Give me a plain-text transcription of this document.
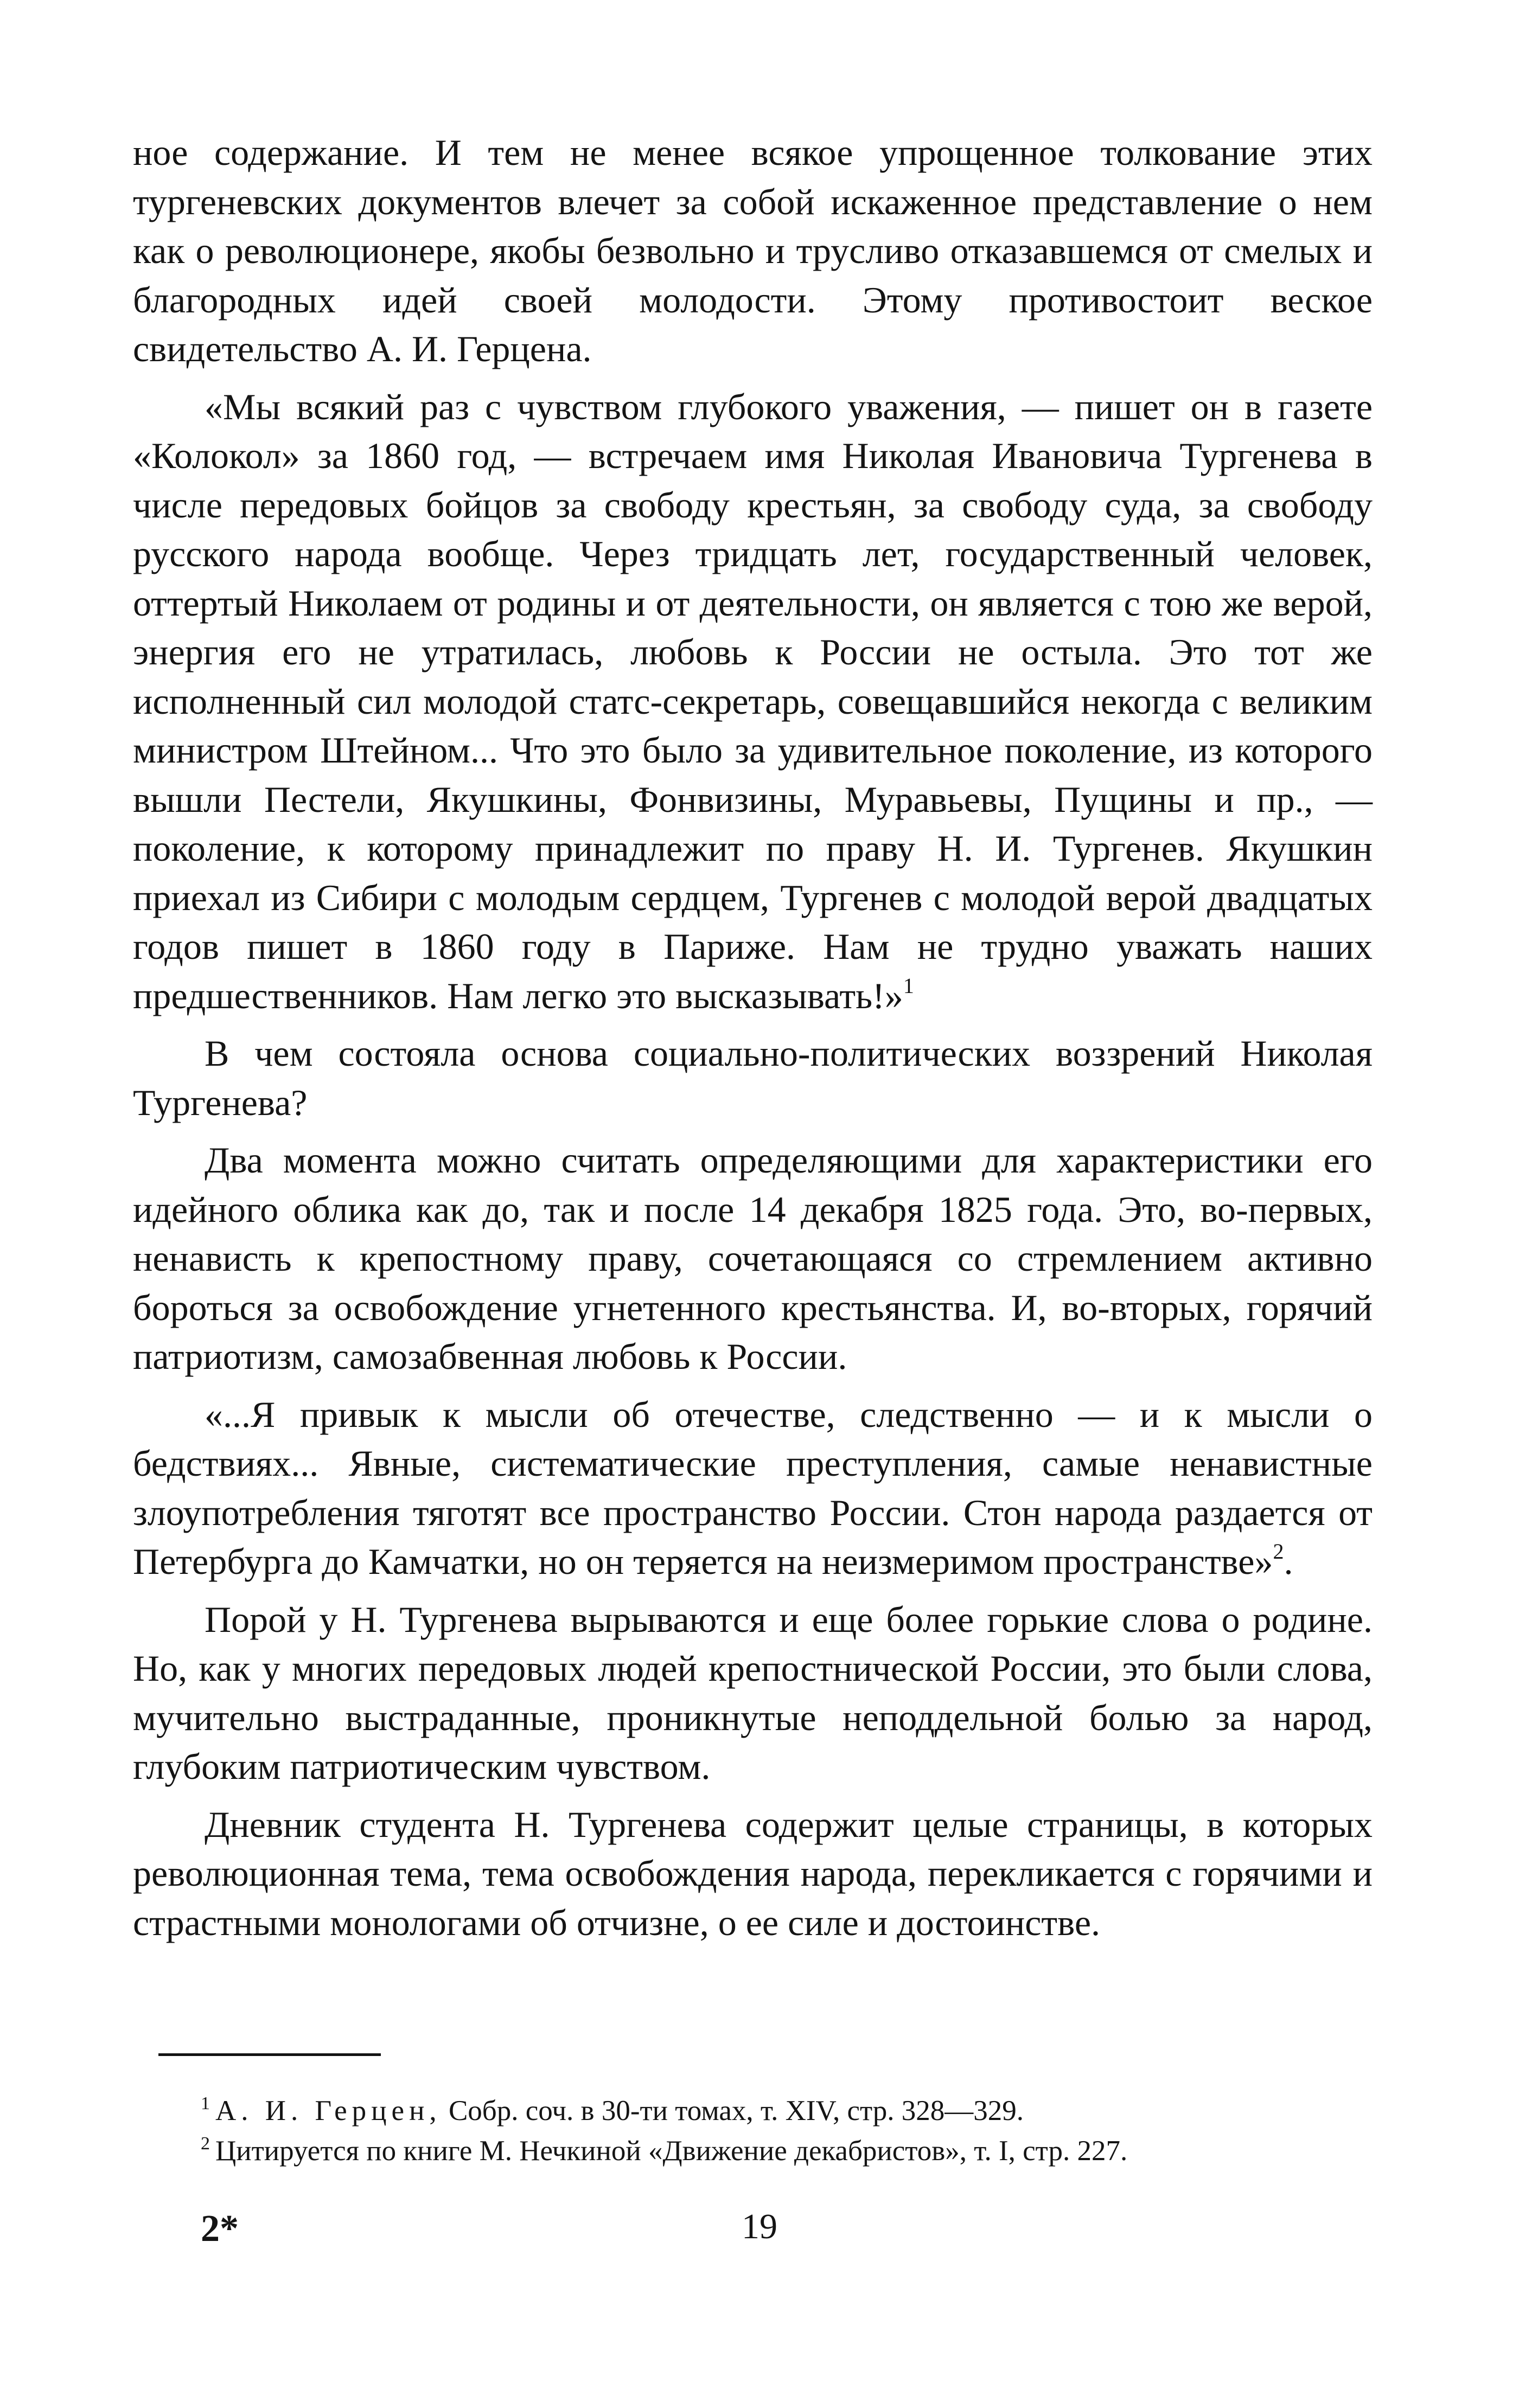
ное содержание. И тем не менее всякое упрощенное толкование этих тургеневских документов влечет за собой искаженное представление о нем как о революционере, якобы безвольно и трусливо отказавшемся от смелых и благородных идей своей молодости. Этому противостоит веское свидетельство А. И. Герцена.

«Мы всякий раз с чувством глубокого уважения, — пишет он в газете «Колокол» за 1860 год, — встречаем имя Николая Ивановича Тургенева в числе передовых бойцов за свободу крестьян, за свободу суда, за свободу русского народа вообще. Через тридцать лет, государственный человек, оттертый Николаем от родины и от деятельности, он является с тою же верой, энергия его не утратилась, любовь к России не остыла. Это тот же исполненный сил молодой статс-секретарь, совещавшийся некогда с великим министром Штейном... Что это было за удивительное поколение, из которого вышли Пестели, Якушкины, Фонвизины, Муравьевы, Пущины и пр., — поколение, к которому принадлежит по праву Н. И. Тургенев. Якушкин приехал из Сибири с молодым сердцем, Тургенев с молодой верой двадцатых годов пишет в 1860 году в Париже. Нам не трудно уважать наших предшественников. Нам легко это высказывать!»$^1$

В чем состояла основа социально-политических воззрений Николая Тургенева?

Два момента можно считать определяющими для характеристики его идейного облика как до, так и после 14 декабря 1825 года. Это, во-первых, ненависть к крепостному праву, сочетающаяся со стремлением активно бороться за освобождение угнетенного крестьянства. И, во-вторых, горячий патриотизм, самозабвенная любовь к России.

«...Я привык к мысли об отечестве, следственно — и к мысли о бедствиях... Явные, систематические преступления, самые ненавистные злоупотребления тяготят все пространство России. Стон народа раздается от Петербурга до Камчатки, но он теряется на неизмеримом пространстве»$^2$.

Порой у Н. Тургенева вырываются и еще более горькие слова о родине. Но, как у многих передовых людей крепостнической России, это были слова, мучительно выстраданные, проникнутые неподдельной болью за народ, глубоким патриотическим чувством.

Дневник студента Н. Тургенева содержит целые страницы, в которых революционная тема, тема освобождения народа, перекликается с горячими и страстными монологами об отчизне, о ее силе и достоинстве.

$^1$ А. И. Герцен, Собр. соч. в 30-ти томах, т. XIV, стр. 328—329.
$^2$ Цитируется по книге М. Нечкиной «Движение декабристов», т. I, стр. 227.
2*	19
